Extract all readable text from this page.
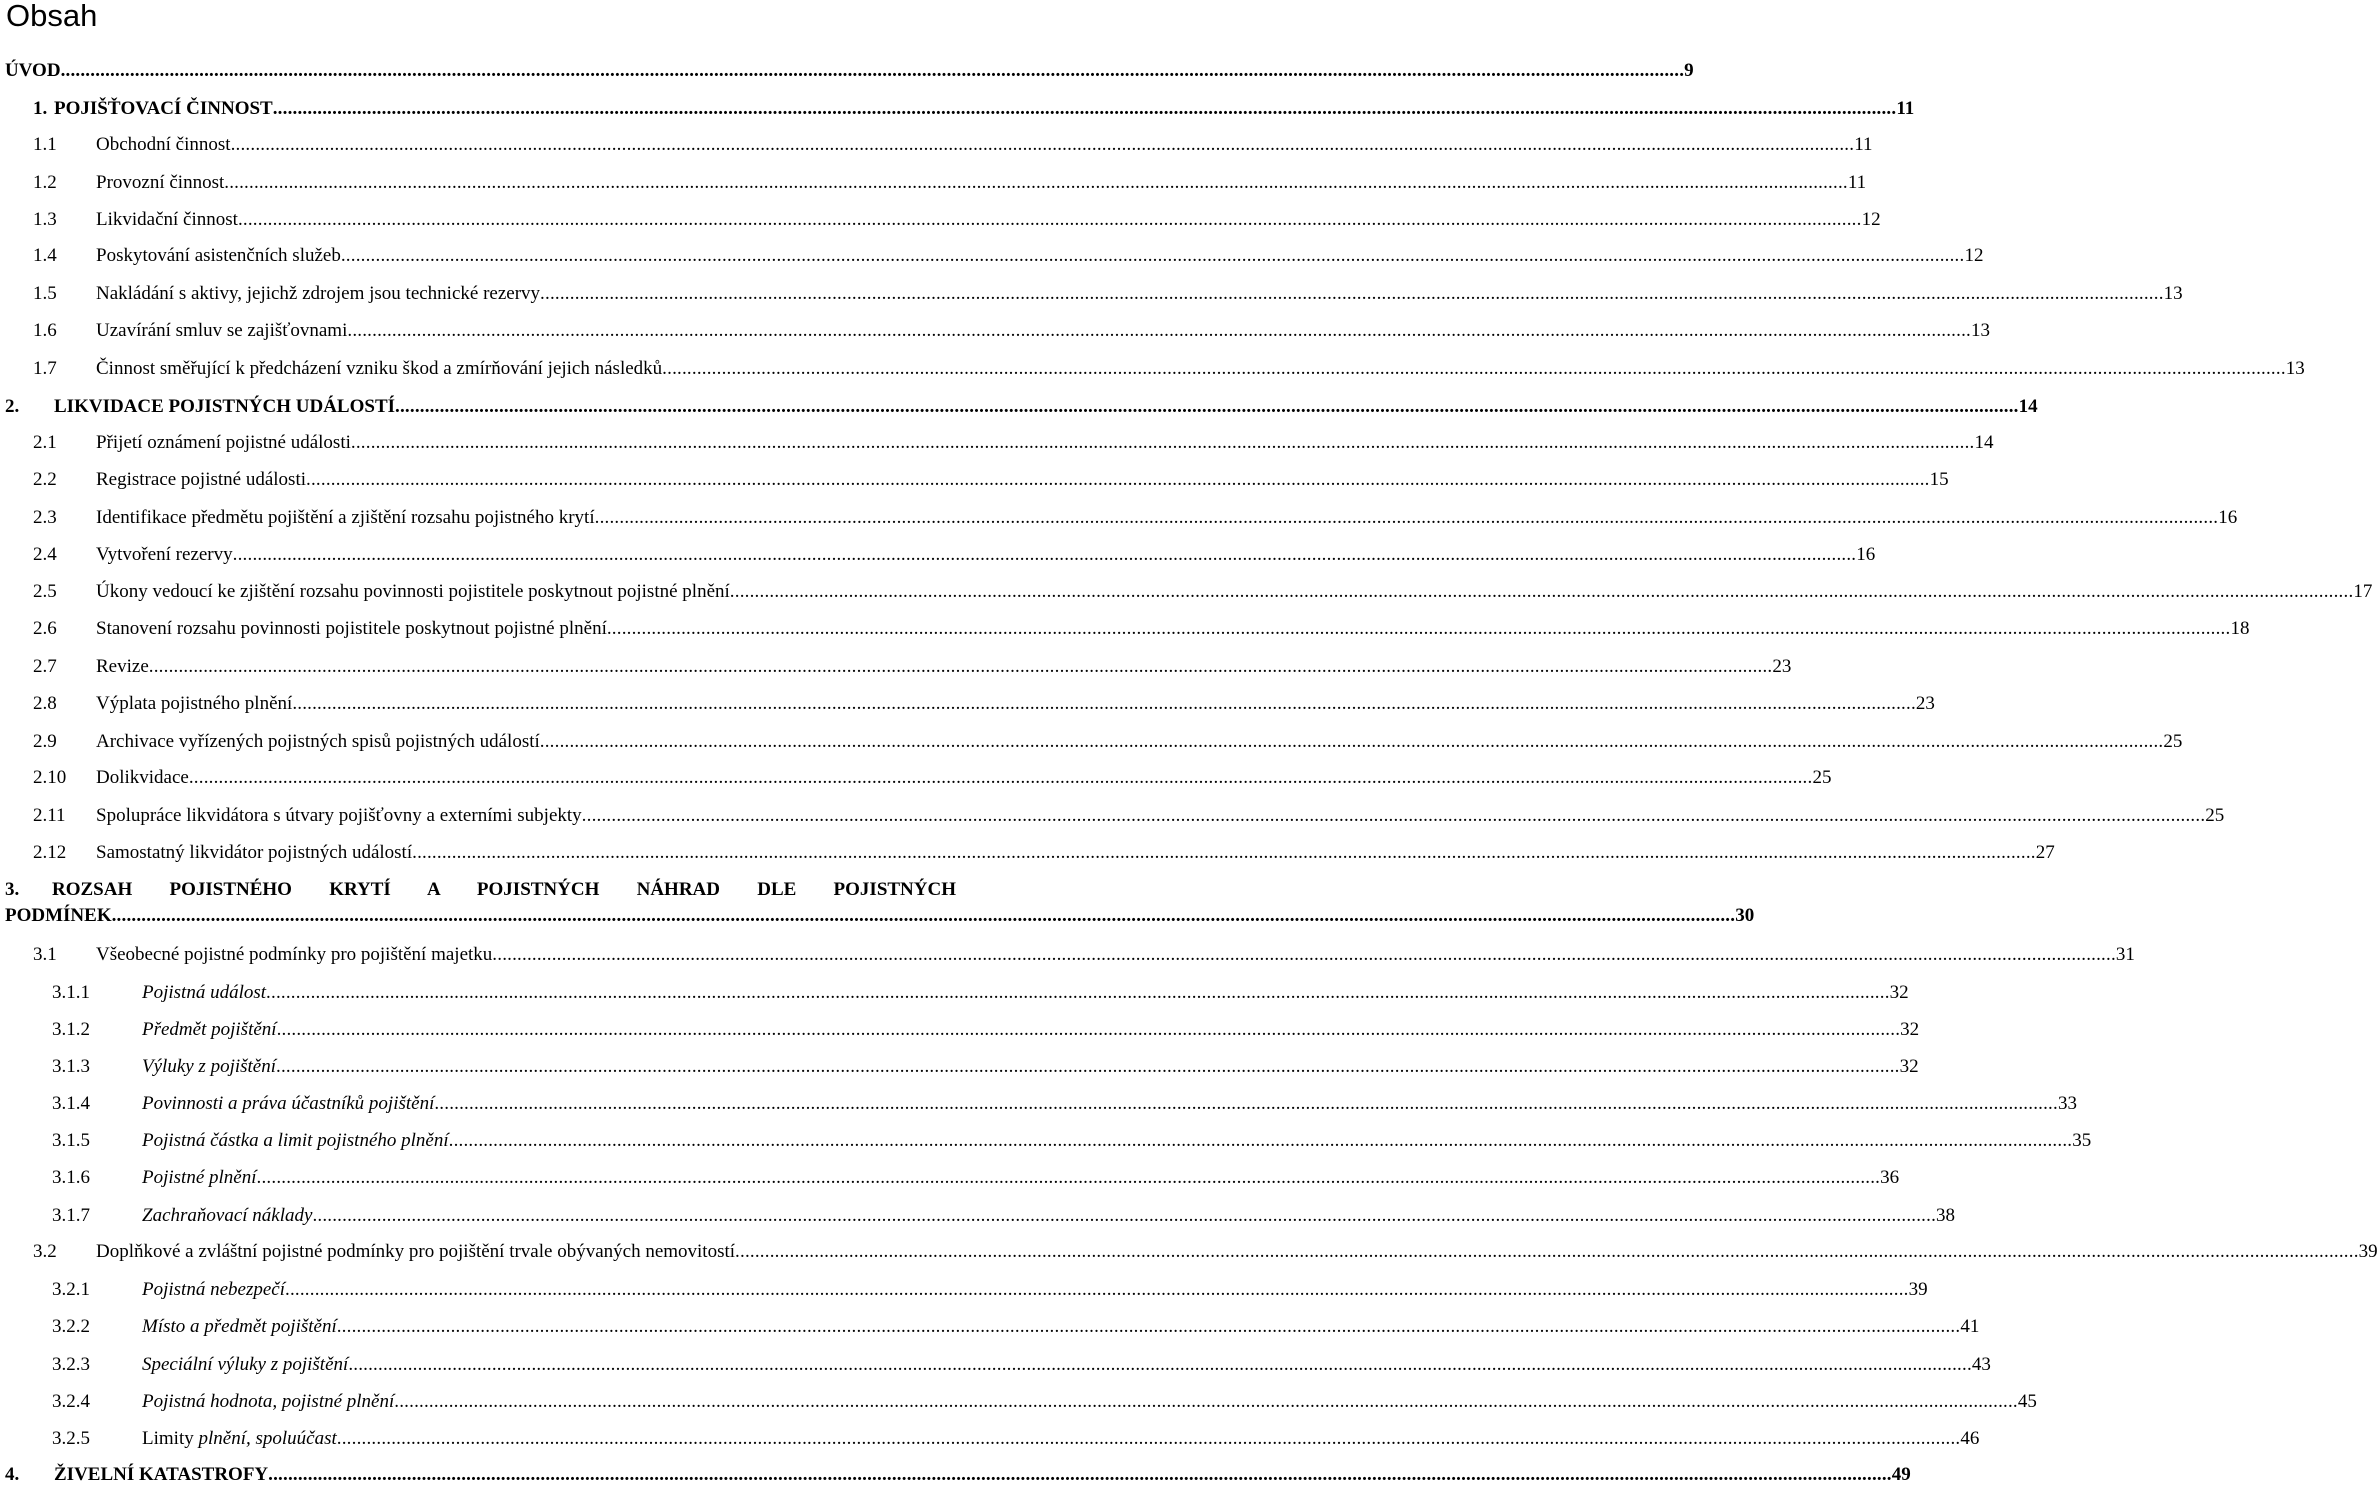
Obsah
ÚVOD ........................................................................................................................................................................................................................................................................................................................................ 9
1. POJIŠŤOVACÍ ČINNOST ........................................................................................................................................................................................................................................................................................................................................ 11
1.1 Obchodní činnost ........................................................................................................................................................................................................................................................................................................................................ 11
1.2 Provozní činnost ........................................................................................................................................................................................................................................................................................................................................ 11
1.3 Likvidační činnost ........................................................................................................................................................................................................................................................................................................................................ 12
1.4 Poskytování asistenčních služeb ........................................................................................................................................................................................................................................................................................................................................ 12
1.5 Nakládání s aktivy, jejichž zdrojem jsou technické rezervy ........................................................................................................................................................................................................................................................................................................................................ 13
1.6 Uzavírání smluv se zajišťovnami ........................................................................................................................................................................................................................................................................................................................................ 13
1.7 Činnost směřující k předcházení vzniku škod a zmírňování jejich následků ........................................................................................................................................................................................................................................................................................................................................ 13
2. LIKVIDACE POJISTNÝCH UDÁLOSTÍ ........................................................................................................................................................................................................................................................................................................................................ 14
2.1 Přijetí oznámení pojistné události ........................................................................................................................................................................................................................................................................................................................................ 14
2.2 Registrace pojistné události ........................................................................................................................................................................................................................................................................................................................................ 15
2.3 Identifikace předmětu pojištění a zjištění rozsahu pojistného krytí ........................................................................................................................................................................................................................................................................................................................................ 16
2.4 Vytvoření rezervy ........................................................................................................................................................................................................................................................................................................................................ 16
2.5 Úkony vedoucí ke zjištění rozsahu povinnosti pojistitele poskytnout pojistné plnění ........................................................................................................................................................................................................................................................................................................................................ 17
2.6 Stanovení rozsahu povinnosti pojistitele poskytnout pojistné plnění ........................................................................................................................................................................................................................................................................................................................................ 18
2.7 Revize ........................................................................................................................................................................................................................................................................................................................................ 23
2.8 Výplata pojistného plnění ........................................................................................................................................................................................................................................................................................................................................ 23
2.9 Archivace vyřízených pojistných spisů pojistných událostí ........................................................................................................................................................................................................................................................................................................................................ 25
2.10 Dolikvidace ........................................................................................................................................................................................................................................................................................................................................ 25
2.11 Spolupráce likvidátora s útvary pojišťovny a externími subjekty ........................................................................................................................................................................................................................................................................................................................................ 25
2.12 Samostatný likvidátor pojistných událostí ........................................................................................................................................................................................................................................................................................................................................ 27
3. ROZSAH POJISTNÉHO KRYTÍ A POJISTNÝCH NÁHRAD DLE POJISTNÝCH
PODMÍNEK ........................................................................................................................................................................................................................................................................................................................................ 30
3.1 Všeobecné pojistné podmínky pro pojištění majetku ........................................................................................................................................................................................................................................................................................................................................ 31
3.1.1	Pojistná událost ........................................................................................................................................................................................................................................................................................................................................ 32
3.1.2	Předmět pojištění ........................................................................................................................................................................................................................................................................................................................................ 32
3.1.3	Výluky z pojištění ........................................................................................................................................................................................................................................................................................................................................ 32
3.1.4	Povinnosti a práva účastníků pojištění ........................................................................................................................................................................................................................................................................................................................................ 33
3.1.5	Pojistná částka a limit pojistného plnění ........................................................................................................................................................................................................................................................................................................................................ 35
3.1.6	Pojistné plnění ........................................................................................................................................................................................................................................................................................................................................ 36
3.1.7	Zachraňovací náklady ........................................................................................................................................................................................................................................................................................................................................ 38
3.2 Doplňkové a zvláštní pojistné podmínky pro pojištění trvale obývaných nemovitostí ........................................................................................................................................................................................................................................................................................................................................ 39
3.2.1	Pojistná nebezpečí ........................................................................................................................................................................................................................................................................................................................................ 39
3.2.2	Místo a předmět pojištění ........................................................................................................................................................................................................................................................................................................................................ 41
3.2.3	Speciální výluky z pojištění ........................................................................................................................................................................................................................................................................................................................................ 43
3.2.4	Pojistná hodnota, pojistné plnění ........................................................................................................................................................................................................................................................................................................................................ 45
3.2.5	Limity plnění, spoluúčast ........................................................................................................................................................................................................................................................................................................................................ 46
4. ŽIVELNÍ KATASTROFY ........................................................................................................................................................................................................................................................................................................................................ 49
